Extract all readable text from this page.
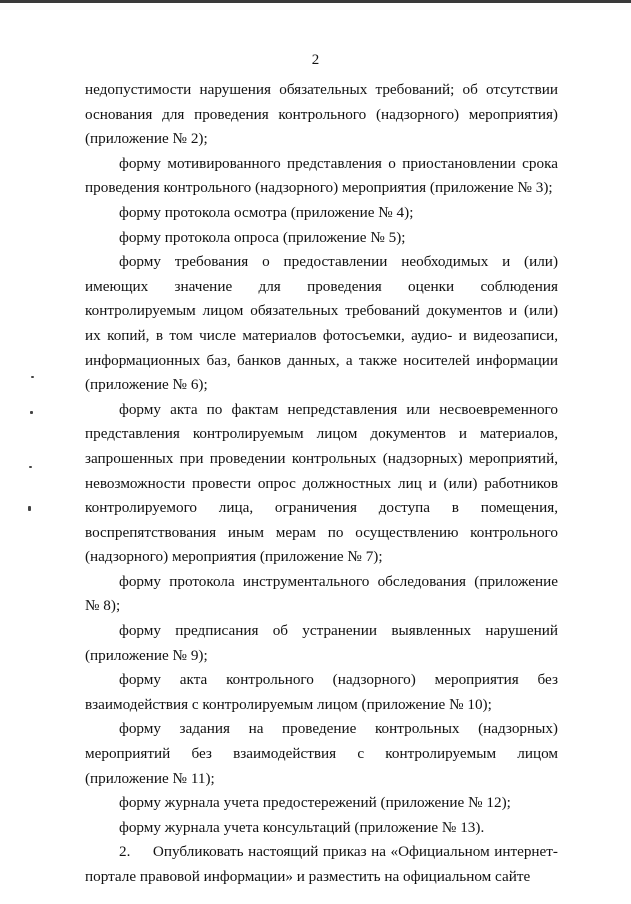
2

недопустимости нарушения обязательных требований; об отсутствии основания для проведения контрольного (надзорного) мероприятия) (приложение № 2);

форму мотивированного представления о приостановлении срока проведения контрольного (надзорного) мероприятия (приложение № 3);

форму протокола осмотра (приложение № 4);

форму протокола опроса (приложение № 5);

форму требования о предоставлении необходимых и (или) имеющих значение для проведения оценки соблюдения контролируемым лицом обязательных требований документов и (или) их копий, в том числе материалов фотосъемки, аудио- и видеозаписи, информационных баз, банков данных, а также носителей информации (приложение № 6);

форму акта по фактам непредставления или несвоевременного представления контролируемым лицом документов и материалов, запрошенных при проведении контрольных (надзорных) мероприятий, невозможности провести опрос должностных лиц и (или) работников контролируемого лица, ограничения доступа в помещения, воспрепятствования иным мерам по осуществлению контрольного (надзорного) мероприятия (приложение № 7);

форму протокола инструментального обследования (приложение № 8);

форму предписания об устранении выявленных нарушений (приложение № 9);

форму акта контрольного (надзорного) мероприятия без взаимодействия с контролируемым лицом (приложение № 10);

форму задания на проведение контрольных (надзорных) мероприятий без взаимодействия с контролируемым лицом (приложение № 11);

форму журнала учета предостережений (приложение № 12);

форму журнала учета консультаций (приложение № 13).

2.     Опубликовать настоящий приказ на «Официальном интернет-портале правовой информации» и разместить на официальном сайте
